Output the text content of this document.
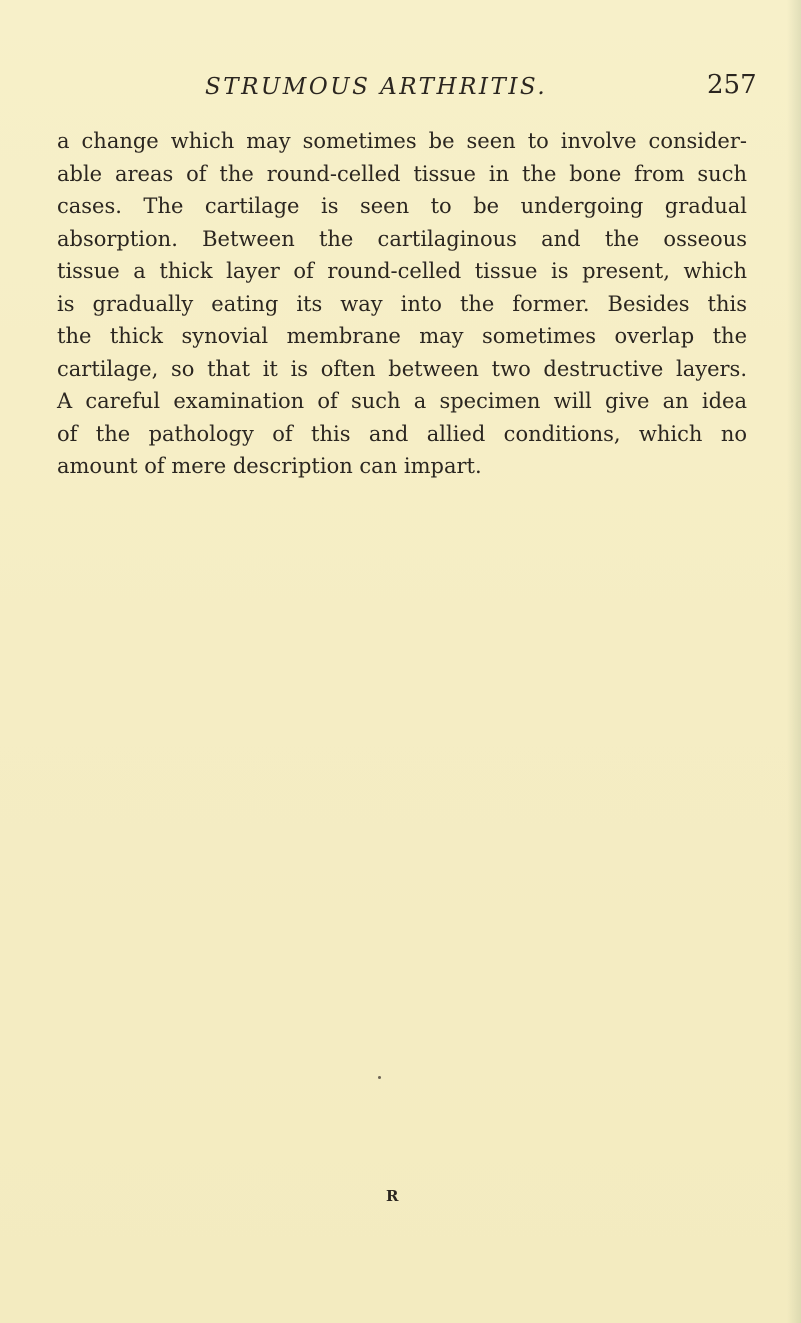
STRUMOUS ARTHRITIS.	257
a change which may sometimes be seen to involve consider-
able areas of the round-celled tissue in the bone from such
cases. The cartilage is seen to be undergoing gradual
absorption. Between the cartilaginous and the osseous
tissue a thick layer of round-celled tissue is present, which
is gradually eating its way into the former. Besides this
the thick synovial membrane may sometimes overlap the
cartilage, so that it is often between two destructive layers.
A careful examination of such a specimen will give an idea
of the pathology of this and allied conditions, which no
amount of mere description can impart.
R
